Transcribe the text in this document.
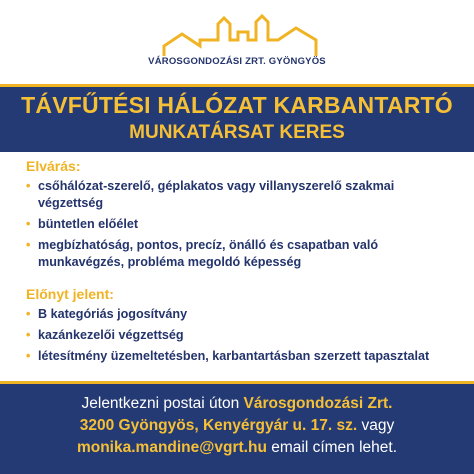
VÁROSGONDOZÁSI ZRT. GYÖNGYÖS
TÁVFŰTÉSI HÁLÓZAT KARBANTARTÓ
MUNKATÁRSAT KERES
Elvárás:
• csőhálózat-szerelő, géplakatos vagy villanyszerelő szakmai végzettség
• büntetlen előélet
• megbízhatóság, pontos, precíz, önálló és csapatban való munkavégzés, probléma megoldó képesség
Előnyt jelent:
• B kategóriás jogosítvány
• kazánkezelői végzettség
• létesítmény üzemeltetésben, karbantartásban szerzett tapasztalat
Jelentkezni postai úton Városgondozási Zrt.
3200 Gyöngyös, Kenyérgyár u. 17. sz. vagy
monika.mandine@vgrt.hu email címen lehet.
